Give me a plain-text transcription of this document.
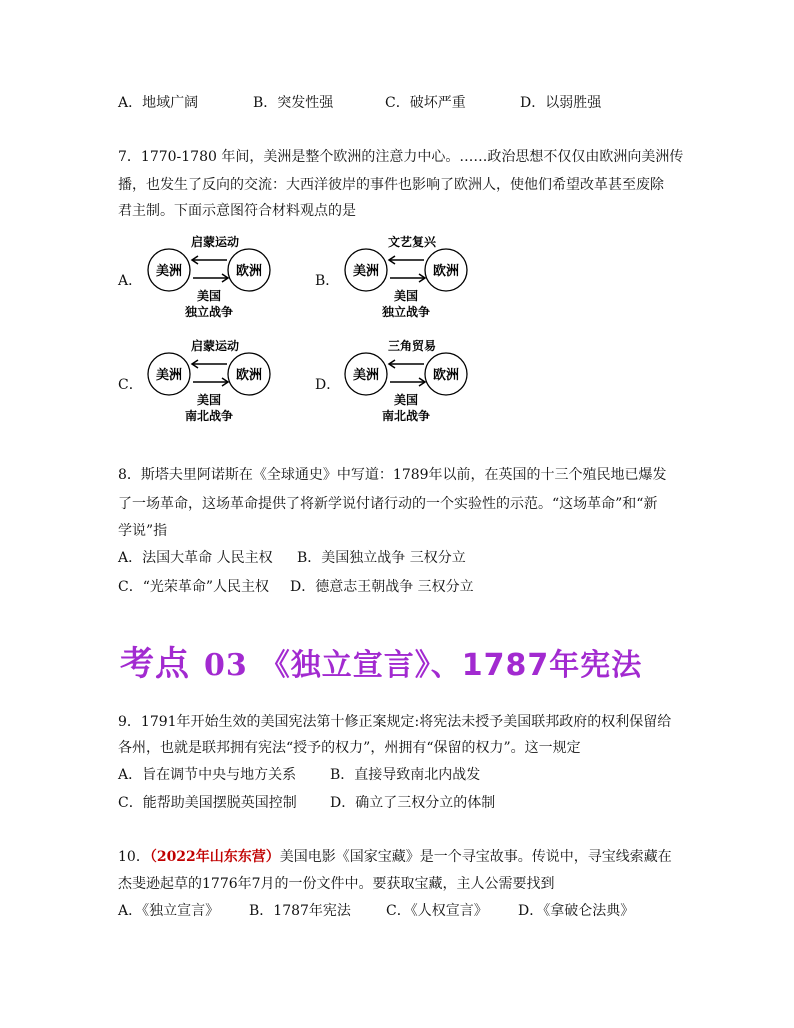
A．地域广阔	B．突发性强	C．破坏严重	D．以弱胜强
7．1770-1780 年间，美洲是整个欧洲的注意力中心。……政治思想不仅仅由欧洲向美洲传
播，也发生了反向的交流：大西洋彼岸的事件也影响了欧洲人，使他们希望改革甚至废除
君主制。下面示意图符合材料观点的是
A．	B．
C．	D．
启蒙运动
美洲	欧洲
美国
独立战争
文艺复兴
美洲	欧洲
美国
独立战争
启蒙运动
美洲	欧洲
美国
南北战争
三角贸易
美洲	欧洲
美国
南北战争
8．斯塔夫里阿诺斯在《全球通史》中写道：1789年以前，在英国的十三个殖民地已爆发
了一场革命，这场革命提供了将新学说付诸行动的一个实验性的示范。“这场革命”和“新
学说”指
A．法国大革命 人民主权 B．美国独立战争 三权分立
C．“光荣革命”人民主权 D．德意志王朝战争 三权分立
考点 03 《独立宣言》、1787年宪法
9．1791年开始生效的美国宪法第十修正案规定:将宪法未授予美国联邦政府的权利保留给
各州，也就是联邦拥有宪法“授予的权力”，州拥有“保留的权力”。这一规定
A．旨在调节中央与地方关系 B．直接导致南北内战发
C．能帮助美国摆脱英国控制 D．确立了三权分立的体制
10．（2022年山东东营）美国电影《国家宝藏》是一个寻宝故事。传说中，寻宝线索藏在
杰斐逊起草的1776年7月的一份文件中。要获取宝藏，主人公需要找到
A．《独立宣言》 B．1787年宪法	C．《人权宣言》 D．《拿破仑法典》
